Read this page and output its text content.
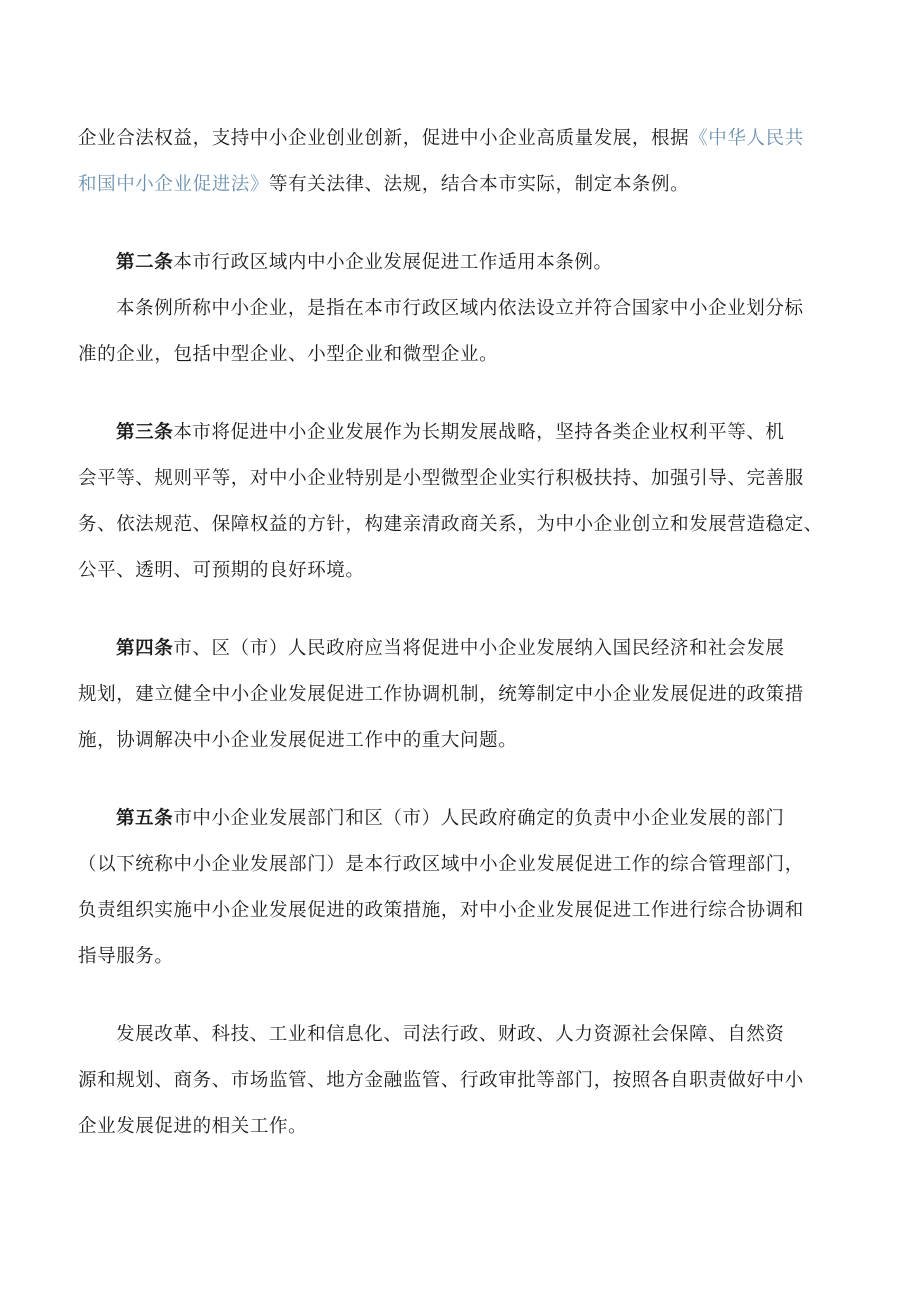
企业合法权益，支持中小企业创业创新，促进中小企业高质量发展，根据《中华人民共
和国中小企业促进法》等有关法律、法规，结合本市实际，制定本条例。
第二条本市行政区域内中小企业发展促进工作适用本条例。
本条例所称中小企业，是指在本市行政区域内依法设立并符合国家中小企业划分标
准的企业，包括中型企业、小型企业和微型企业。
第三条本市将促进中小企业发展作为长期发展战略，坚持各类企业权利平等、机
会平等、规则平等，对中小企业特别是小型微型企业实行积极扶持、加强引导、完善服
务、依法规范、保障权益的方针，构建亲清政商关系，为中小企业创立和发展营造稳定、
公平、透明、可预期的良好环境。
第四条市、区（市）人民政府应当将促进中小企业发展纳入国民经济和社会发展
规划，建立健全中小企业发展促进工作协调机制，统筹制定中小企业发展促进的政策措
施，协调解决中小企业发展促进工作中的重大问题。
第五条市中小企业发展部门和区（市）人民政府确定的负责中小企业发展的部门
（以下统称中小企业发展部门）是本行政区域中小企业发展促进工作的综合管理部门，
负责组织实施中小企业发展促进的政策措施，对中小企业发展促进工作进行综合协调和
指导服务。
发展改革、科技、工业和信息化、司法行政、财政、人力资源社会保障、自然资
源和规划、商务、市场监管、地方金融监管、行政审批等部门，按照各自职责做好中小
企业发展促进的相关工作。
